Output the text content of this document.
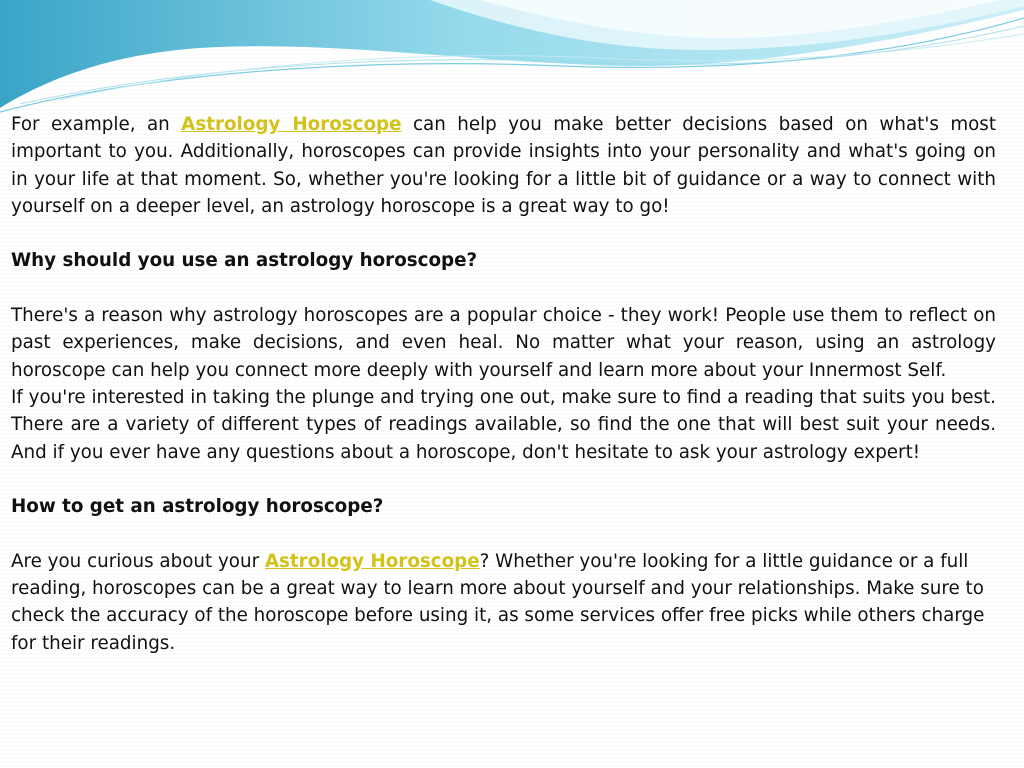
For example, an Astrology Horoscope can help you make better decisions based on what's most important to you. Additionally, horoscopes can provide insights into your personality and what's going on in your life at that moment. So, whether you're looking for a little bit of guidance or a way to connect with yourself on a deeper level, an astrology horoscope is a great way to go!

Why should you use an astrology horoscope?

There's a reason why astrology horoscopes are a popular choice - they work! People use them to reflect on past experiences, make decisions, and even heal. No matter what your reason, using an astrology horoscope can help you connect more deeply with yourself and learn more about your Innermost Self.

If you're interested in taking the plunge and trying one out, make sure to find a reading that suits you best. There are a variety of different types of readings available, so find the one that will best suit your needs. And if you ever have any questions about a horoscope, don't hesitate to ask your astrology expert!

How to get an astrology horoscope?

Are you curious about your Astrology Horoscope? Whether you're looking for a little guidance or a full reading, horoscopes can be a great way to learn more about yourself and your relationships. Make sure to check the accuracy of the horoscope before using it, as some services offer free picks while others charge for their readings.
